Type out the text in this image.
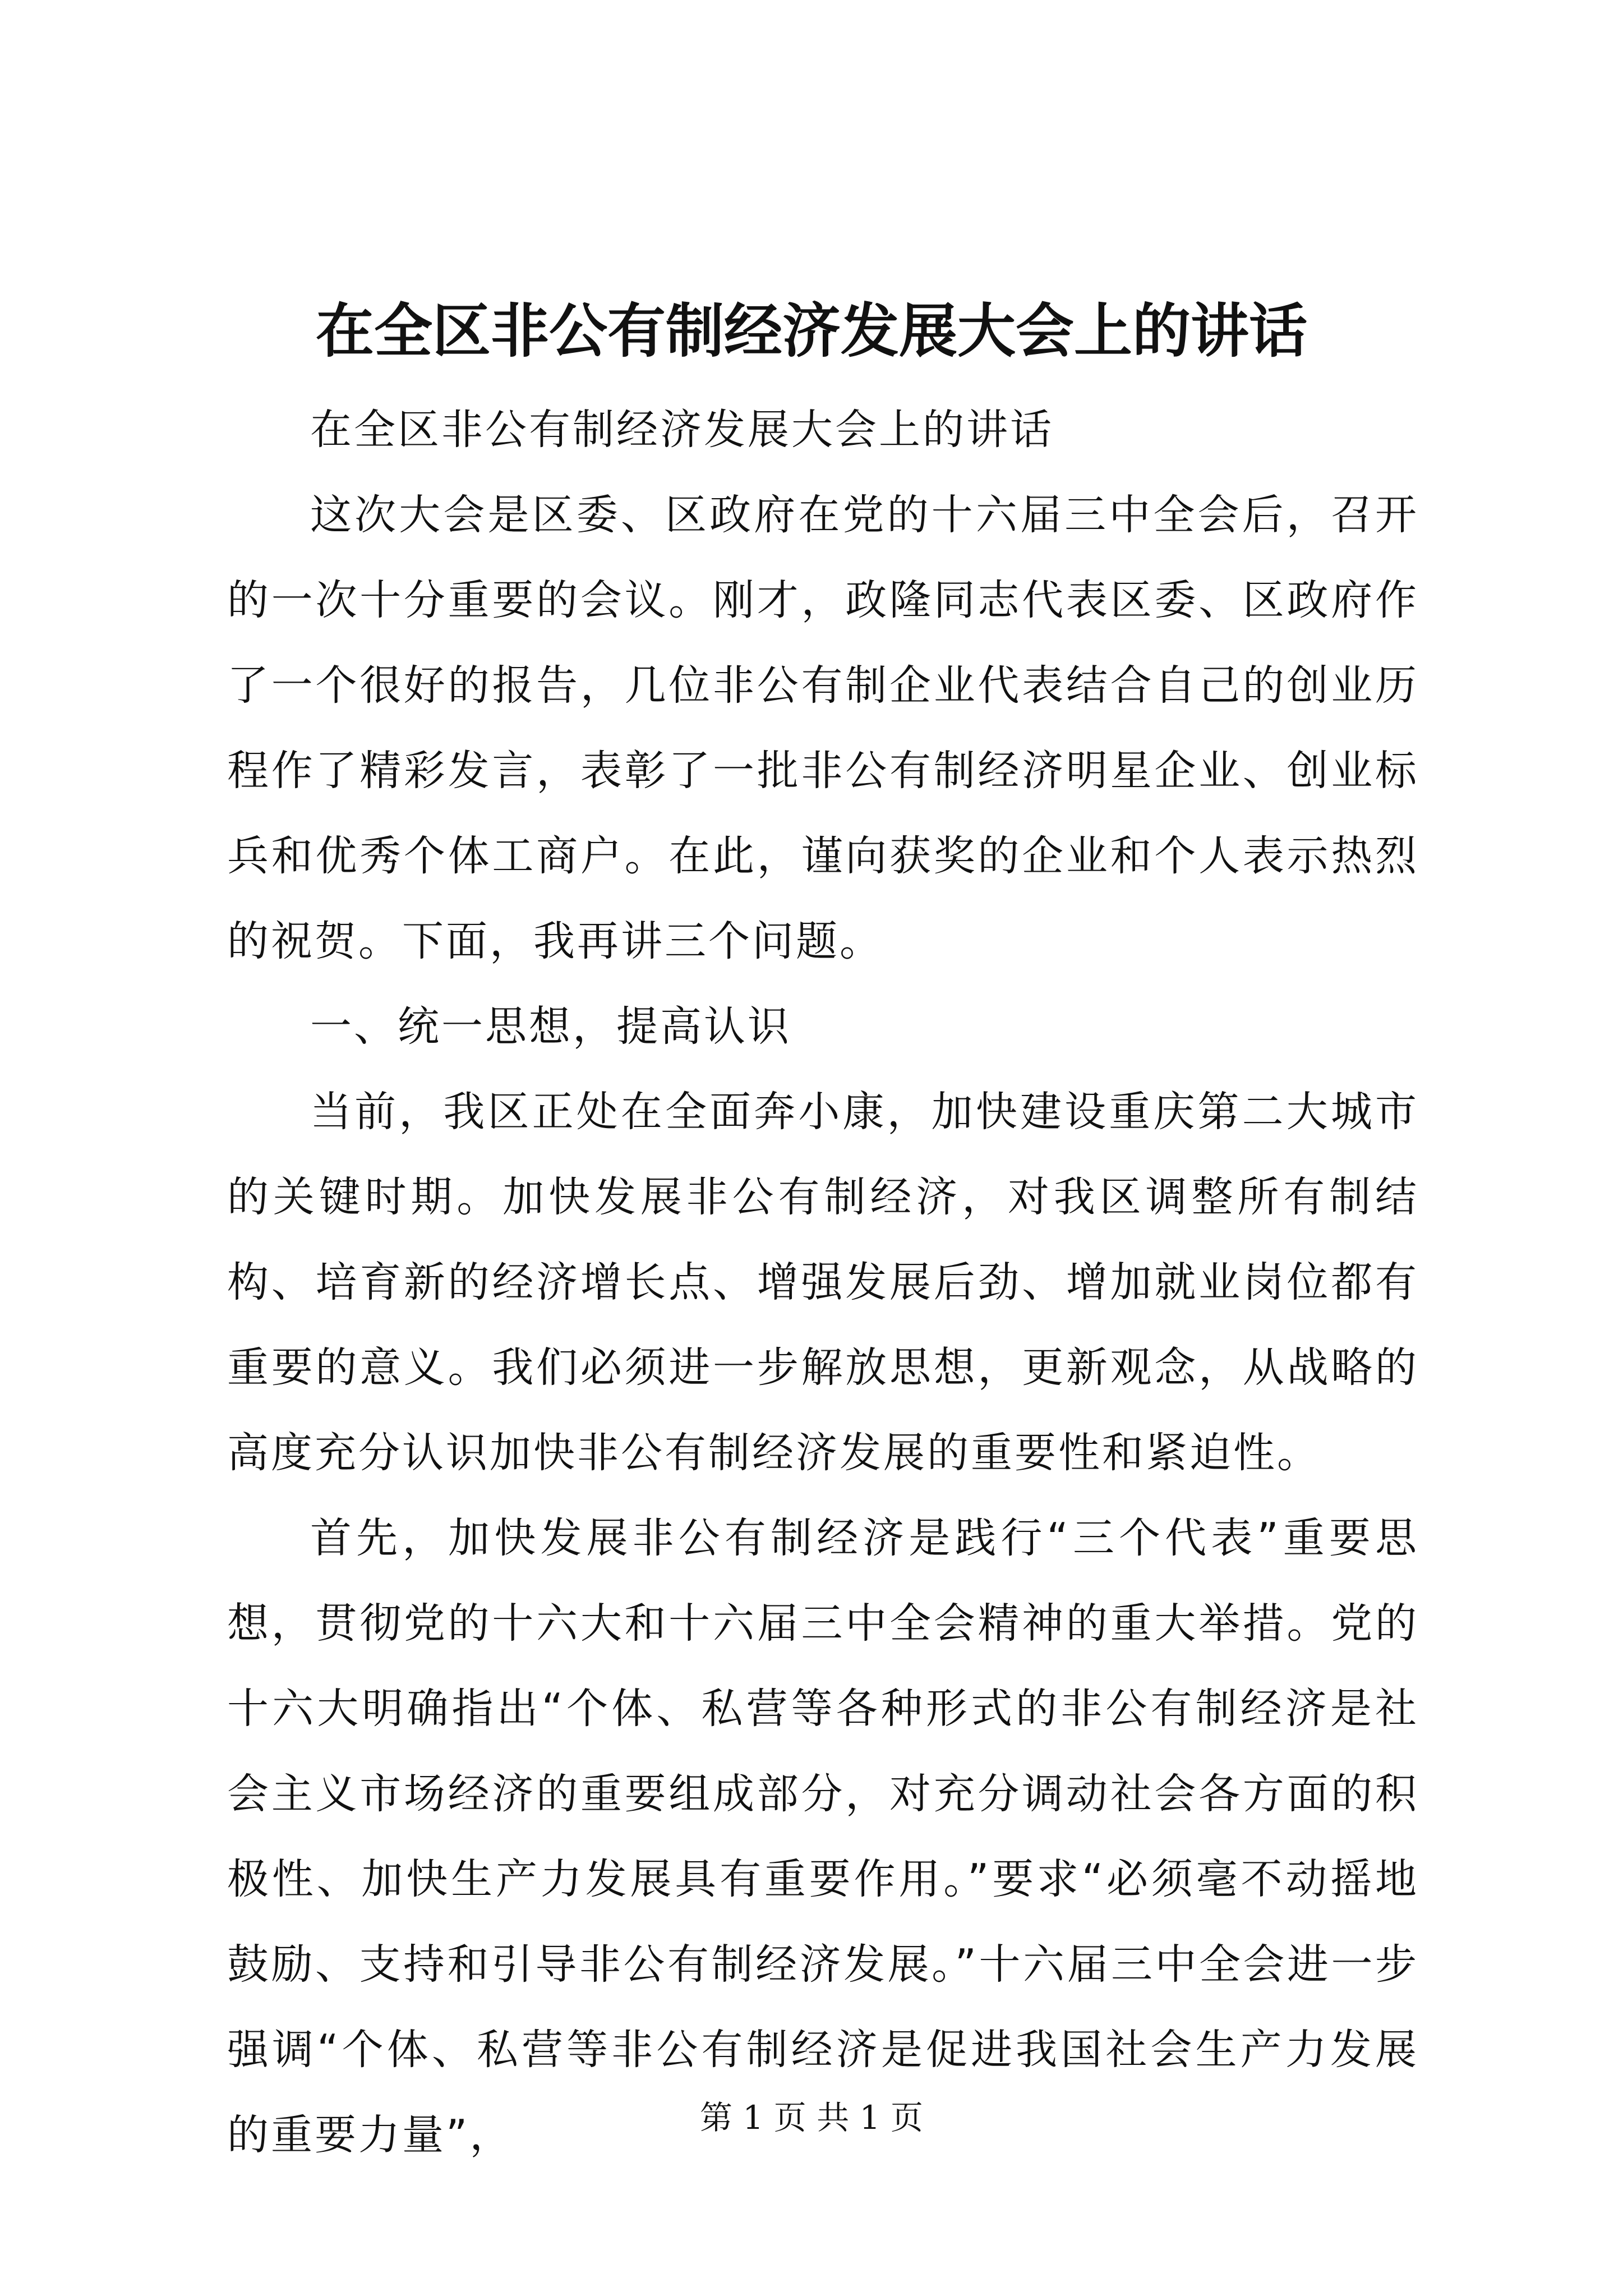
在全区非公有制经济发展大会上的讲话

在全区非公有制经济发展大会上的讲话

这次大会是区委、区政府在党的十六届三中全会后，召开的一次十分重要的会议。刚才，政隆同志代表区委、区政府作了一个很好的报告，几位非公有制企业代表结合自己的创业历程作了精彩发言，表彰了一批非公有制经济明星企业、创业标兵和优秀个体工商户。在此，谨向获奖的企业和个人表示热烈的祝贺。下面，我再讲三个问题。

一、统一思想，提高认识

当前，我区正处在全面奔小康，加快建设重庆第二大城市的关键时期。加快发展非公有制经济，对我区调整所有制结构、培育新的经济增长点、增强发展后劲、增加就业岗位都有重要的意义。我们必须进一步解放思想，更新观念，从战略的高度充分认识加快非公有制经济发展的重要性和紧迫性。

首先，加快发展非公有制经济是践行“三个代表”重要思想，贯彻党的十六大和十六届三中全会精神的重大举措。党的十六大明确指出“个体、私营等各种形式的非公有制经济是社会主义市场经济的重要组成部分，对充分调动社会各方面的积极性、加快生产力发展具有重要作用。”要求“必须毫不动摇地鼓励、支持和引导非公有制经济发展。”十六届三中全会进一步强调“个体、私营等非公有制经济是促进我国社会生产力发展的重要力量”，	第 1 页 共 1 页
